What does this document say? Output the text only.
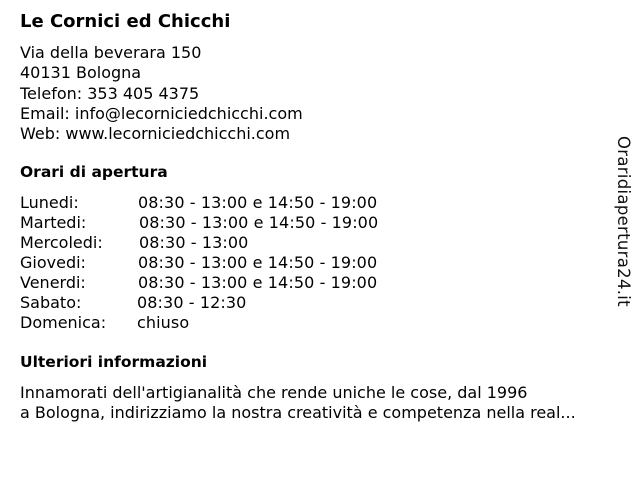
Le Cornici ed Chicchi
Via della beverara 150
40131 Bologna
Telefon: 353 405 4375
Email: info@lecorniciedchicchi.com
Web: www.lecorniciedchicchi.com
Orari di apertura
Lunedi:	08:30 - 13:00 e 14:50 - 19:00
Martedi:	08:30 - 13:00 e 14:50 - 19:00
Mercoledi: 08:30 - 13:00
Giovedi:	08:30 - 13:00 e 14:50 - 19:00
Venerdi:	08:30 - 13:00 e 14:50 - 19:00
Sabato:	08:30 - 12:30
Domenica: chiuso
Ulteriori informazioni
Innamorati dell'artigianalità che rende uniche le cose, dal 1996
a Bologna, indirizziamo la nostra creatività e competenza nella real...
Oraridiapertura24.it
